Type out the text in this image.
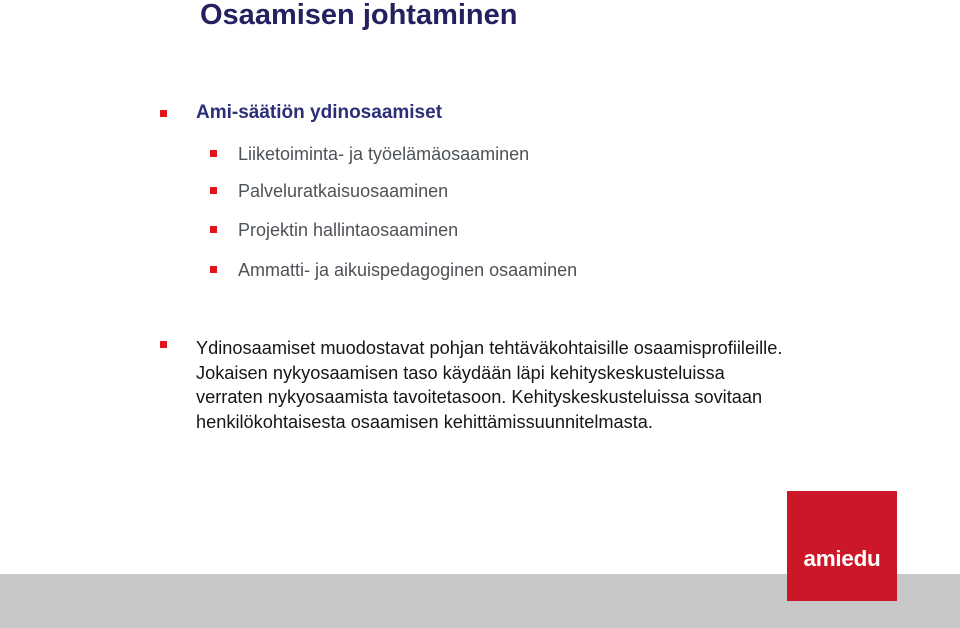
Osaamisen johtaminen
Ami-säätiön ydinosaamiset
Liiketoiminta- ja työelämäosaaminen
Palveluratkaisuosaaminen
Projektin hallintaosaaminen
Ammatti- ja aikuispedagoginen osaaminen

Ydinosaamiset muodostavat pohjan tehtäväkohtaisille osaamisprofiileille.
Jokaisen nykyosaamisen taso käydään läpi kehityskeskusteluissa
verraten nykyosaamista tavoitetasoon. Kehityskeskusteluissa sovitaan
henkilökohtaisesta osaamisen kehittämissuunnitelmasta.

amiedu
